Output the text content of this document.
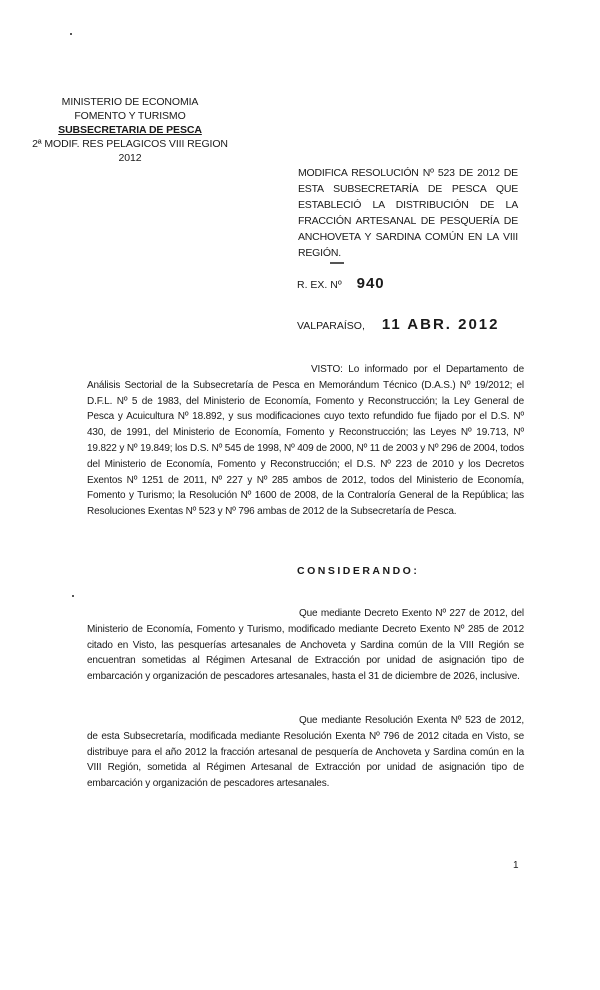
MINISTERIO DE ECONOMIA
FOMENTO Y TURISMO
SUBSECRETARIA DE PESCA
2ª MODIF. RES PELAGICOS VIII REGION 2012
MODIFICA RESOLUCIÓN Nº 523 DE 2012 DE ESTA SUBSECRETARÍA DE PESCA QUE ESTABLECIÓ LA DISTRIBUCIÓN DE LA FRACCIÓN ARTESANAL DE PESQUERÍA DE ANCHOVETA Y SARDINA COMÚN EN LA VIII REGIÓN.
R. EX. Nº 940
VALPARAÍSO, 11 ABR. 2012

VISTO: Lo informado por el Departamento de Análisis Sectorial de la Subsecretaría de Pesca en Memorándum Técnico (D.A.S.) Nº 19/2012; el D.F.L. Nº 5 de 1983, del Ministerio de Economía, Fomento y Reconstrucción; la Ley General de Pesca y Acuicultura Nº 18.892, y sus modificaciones cuyo texto refundido fue fijado por el D.S. Nº 430, de 1991, del Ministerio de Economía, Fomento y Reconstrucción; las Leyes Nº 19.713, Nº 19.822 y Nº 19.849; los D.S. Nº 545 de 1998, Nº 409 de 2000, Nº 11 de 2003 y Nº 296 de 2004, todos del Ministerio de Economía, Fomento y Reconstrucción; el D.S. Nº 223 de 2010 y los Decretos Exentos Nº 1251 de 2011, Nº 227 y Nº 285 ambos de 2012, todos del Ministerio de Economía, Fomento y Turismo; la Resolución Nº 1600 de 2008, de la Contraloría General de la República; las Resoluciones Exentas Nº 523 y Nº 796 ambas de 2012 de la Subsecretaría de Pesca.

CONSIDERANDO:

Que mediante Decreto Exento Nº 227 de 2012, del Ministerio de Economía, Fomento y Turismo, modificado mediante Decreto Exento Nº 285 de 2012 citado en Visto, las pesquerías artesanales de Anchoveta y Sardina común de la VIII Región se encuentran sometidas al Régimen Artesanal de Extracción por unidad de asignación tipo de embarcación y organización de pescadores artesanales, hasta el 31 de diciembre de 2026, inclusive.

Que mediante Resolución Exenta Nº 523 de 2012, de esta Subsecretaría, modificada mediante Resolución Exenta Nº 796 de 2012 citada en Visto, se distribuye para el año 2012 la fracción artesanal de pesquería de Anchoveta y Sardina común en la VIII Región, sometida al Régimen Artesanal de Extracción por unidad de asignación tipo de embarcación y organización de pescadores artesanales.

1
